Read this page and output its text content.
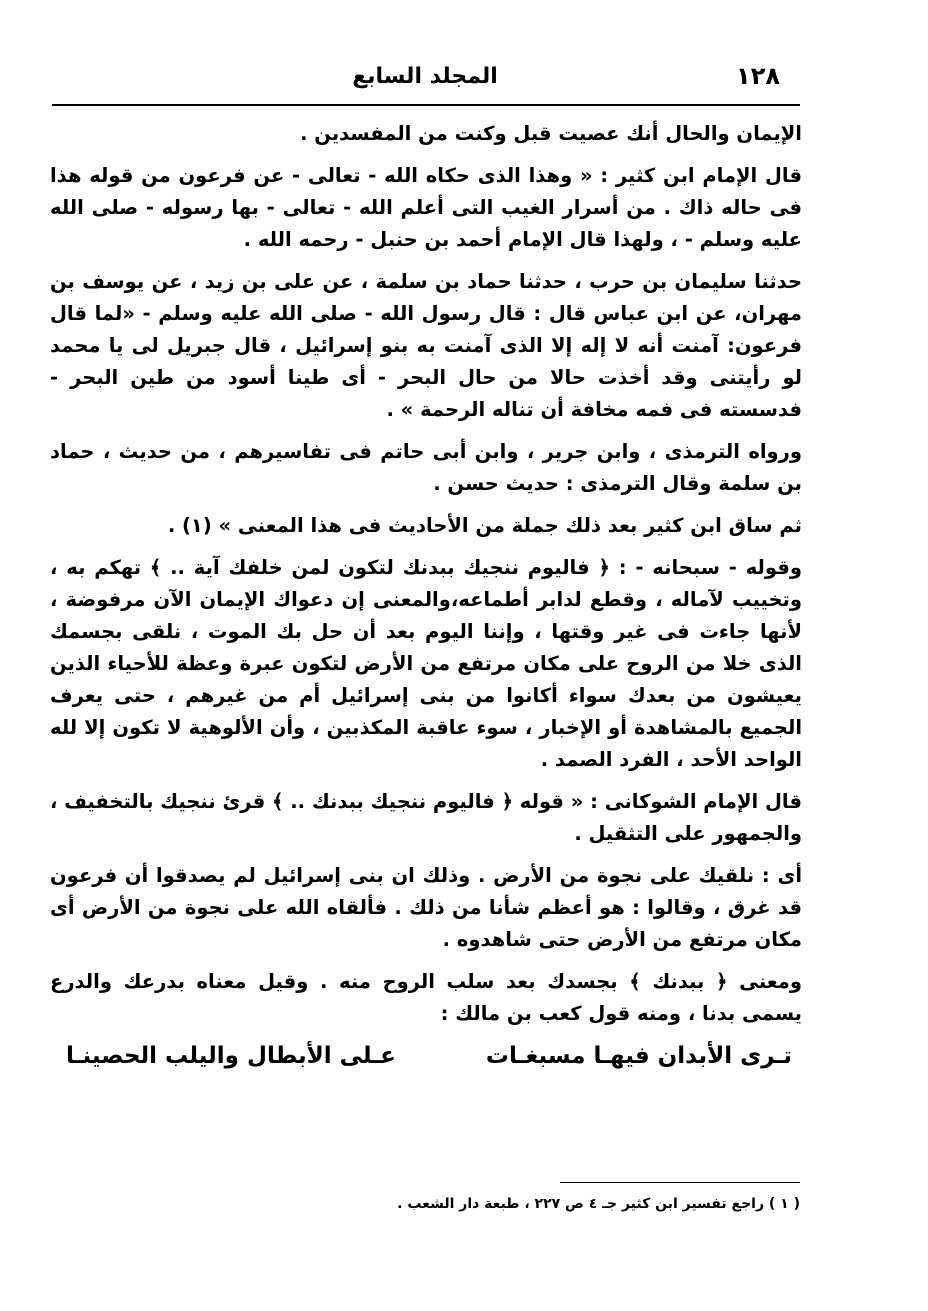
١٢٨
المجلد السابع

الإيمان والحال أنك عصيت قبل وكنت من المفسدين .

قال الإمام ابن كثير : « وهذا الذى حكاه الله - تعالى - عن فرعون من قوله هذا فى حاله ذاك . من أسرار الغيب التى أعلم الله - تعالى - بها رسوله - صلى الله عليه وسلم - ، ولهذا قال الإمام أحمد بن حنبل - رحمه الله .

حدثنا سليمان بن حرب ، حدثنا حماد بن سلمة ، عن على بن زيد ، عن يوسف بن مهران، عن ابن عباس قال : قال رسول الله - صلى الله عليه وسلم - «لما قال فرعون: آمنت أنه لا إله إلا الذى آمنت به بنو إسرائيل ، قال جبريل لى يا محمد لو رأيتنى وقد أخذت حالا من حال البحر - أى طينا أسود من طين البحر - فدسسته فى فمه مخافة أن تناله الرحمة » .

ورواه الترمذى ، وابن جرير ، وابن أبى حاتم فى تفاسيرهم ، من حديث ، حماد بن سلمة وقال الترمذى : حديث حسن .

ثم ساق ابن كثير بعد ذلك جملة من الأحاديث فى هذا المعنى » (١) .

وقوله - سبحانه - : ﴿ فاليوم ننجيك ببدنك لتكون لمن خلفك آية .. ﴾ تهكم به ، وتخييب لآماله ، وقطع لدابر أطماعه،والمعنى إن دعواك الإيمان الآن مرفوضة ، لأنها جاءت فى غير وقتها ، وإننا اليوم بعد أن حل بك الموت ، نلقى بجسمك الذى خلا من الروح على مكان مرتفع من الأرض لتكون عبرة وعظة للأحياء الذين يعيشون من بعدك سواء أكانوا من بنى إسرائيل أم من غيرهم ، حتى يعرف الجميع بالمشاهدة أو الإخبار ، سوء عاقبة المكذبين ، وأن الألوهية لا تكون إلا لله الواحد الأحد ، الفرد الصمد .

قال الإمام الشوكانى : « قوله ﴿ فاليوم ننجيك ببدنك .. ﴾ قرئ ننجيك بالتخفيف ، والجمهور على التثقيل .

أى : نلقيك على نجوة من الأرض . وذلك ان بنى إسرائيل لم يصدقوا أن فرعون قد غرق ، وقالوا : هو أعظم شأنا من ذلك . فألقاه الله على نجوة من الأرض أى مكان مرتفع من الأرض حتى شاهدوه .

ومعنى ﴿ ببدنك ﴾ بجسدك بعد سلب الروح منه . وقيل معناه بدرعك والدرع يسمى بدنا ، ومنه قول كعب بن مالك :

تـرى الأبدان فيهـا مسبغـات
عـلى الأبطال واليلب الحصينـا
( ١ ) راجع تفسير ابن كثير جـ ٤ ص ٢٢٧ ، طبعة دار الشعب .
